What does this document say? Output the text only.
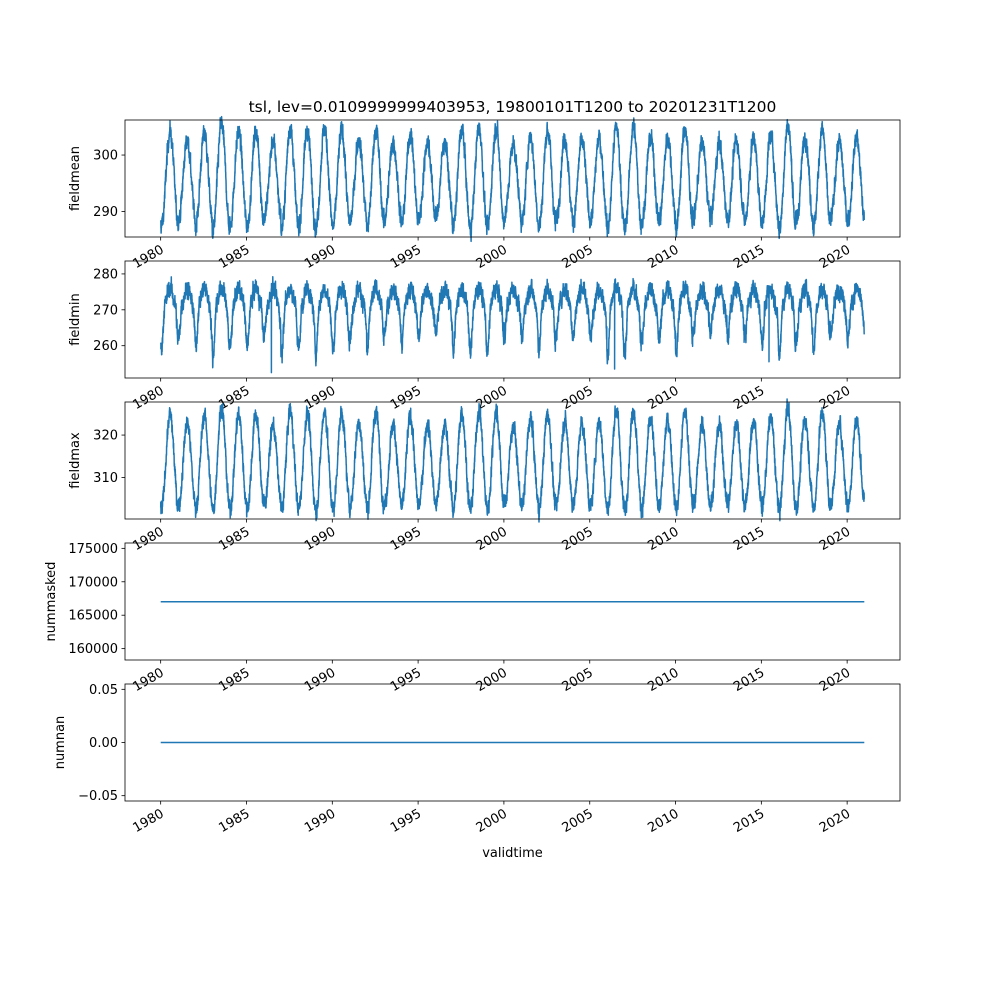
tsl, lev=0.0109999999403953, 19800101T1200 to 20201231T1200
290
300
fieldmean
1980	1985	1990	1995	2000	2005	2010	2015	2020
260
270
280
fieldmin
1980	1985	1990	1995	2000	2005	2010	2015	2020
310
320
fieldmax
1980	1985	1990	1995	2000	2005	2010	2015	2020
160000
165000
170000
175000
nummasked
1980	1985	1990	1995	2000	2005	2010	2015	2020
−0.05
0.00
0.05
numnan
1980	1985	1990	1995	2000	2005	2010	2015	2020
validtime
